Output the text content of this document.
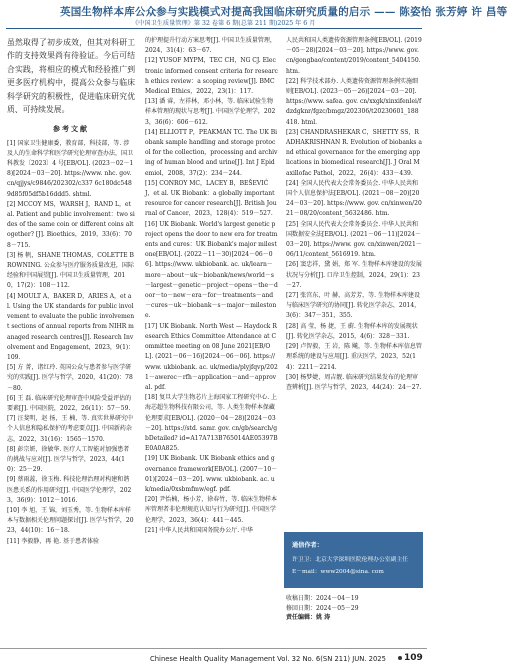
英国生物样本库公众参与实践模式对提高我国临床研究质量的启示 —— 陈姿怡 张芳婷 许 昌等
《中国卫生质量管理》第 32 卷第 6 期(总第 211 期)2025 年 6 月

虽然取得了初步成效，但其对科研工作的支持效果尚有待验证。今后可结合实践，将相应的模式和经验推广到更多医疗机构中，提高公众参与临床科学研究的积极性，促进临床研究优质、可持续发展。

参考文献

[1] 国家卫生健康委，教育部，科技部，等. 涉及人的生命科学和医学研究伦理审查办法，国卫科教发〔2023〕4 号[EB/OL]. (2023－02－18)[2024－03－20]. https://www. nhc. gov. cn/qjjys/c9846/202302/c337 6c180dc5489d85f05df5b16ddd5. shtml.

[2] MCCOY MS，WARSH J，RAND L，et al. Patient and public involvement：two sides of the same coin or different coins altogether? [J]. Bioethics，2019，33(6)：708－715.

[3] 杨 帆，SHANE THOMAS，COLETTE BROWNING. 公众参与医疗服务质量改进，国际经验和中国展望[J]. 中国卫生质量管理，2010，17(2)：108－112.

[4] MOULT A，BAKER D，ARIES A，et al. Using the UK standards for public involvement to evaluate the public involvement sections of annual reports from NIHR managed research centres[J]. Research Involvement and Engagement，2023，9(1)：109.

[5] 方 菁，诸红玲. 英国公众与患者参与医学研究的实践[J]. 医学与哲学，2020，41(20)：78－80.

[6] 王 磊. 临床研究伦理审查中风险受益评估的要素[J]. 中国医院，2022，26(11)：57－59.

[7] 汪斐明，赵 扬，王 楠，等. 真实世界研究中个人信息和隐私保护的考虑要点[J]. 中国新药杂志，2022，31(16)：1565－1570.

[8] 彭宗妍，徐敏华. 医疗人工智能对加强患者的挑战与应对[J]. 医学与哲学，2023，44(10)：25－29.

[9] 蔡雨蕊，徐玉梅. 科技伦理治理对构建和谐医患关系的作用研究[J]. 中国医学伦理学，2023，36(9)：1012－1016.

[10] 李 旭，王 锦，刘玉秀，等. 生物样本库样本与数据相关伦理问题探讨[J]. 医学与哲学，2023，44(10)：16－18.

[11] 李毅静，再 艳. 基于患者体验

的护理提升行动方案思考[J]. 中国卫生质量管理，2024，31(4)：63－67.

[12] YUSOF MYPM，TEC CH，NG CJ. Electronic informed consent criteria for research ethics review：a scoping review[J]. BMC Medical Ethics，2022，23(1)：117.

[13] 潘 睿，左祥林，邓小林，等. 临床试验生物样本管理的现状与思考[J]. 中国医学伦理学，2023，36(6)：606－612.

[14] ELLIOTT P，PEAKMAN TC. The UK Biobank sample handling and storage protocol for the collection，processing and archiving of human blood and urine[J]. Int J Epidemiol，2008，37(2)：234－244.

[15] CONROY MC，LACEY B，BEŠEVIĆ J，et al. UK Biobank：a globally important resource for cancer research[J]. British Journal of Cancer，2023，128(4)：519－527.

[16] UK Biobank. World's largest genetic project opens the door to new era for treatments and cures：UK Biobank's major milestone[EB/OL]. (2022－11－30)[2024－06－06]. https://www. ukbiobank. ac. uk/learn－more－about－uk－biobank/news/world－s－largest－genetic－project－opens－the－door－to－new－era－for－treatments－and－cures－uk－biobank－s－major－milestone.

[17] UK Biobank. North West — Haydock Research Ethics Committee Attendance at Committee meeting on 08 June 2021[EB/OL]. (2021－06－16)[2024－06－06]. https://www. ukbiobank. ac. uk/media/plyjfqvp/2021－awerec－rfh－application－and－approval. pdf.

[18] 复旦大学生物芯片上海国家工程研究中心. 上海芯超生物科技有限公司，等. 人类生物样本保藏伦理要求[EB/OL]. (2020－04－28)[2024－03－20]. https://std. samr. gov. cn/gb/search/gbDetailed? id=A17A713B765014AE05397BE0A0A825.

[19] UK Biobank. UK Biobank ethics and governance framework[EB/OL]. (2007－10－01)[2024－03－20]. www. ukbiobank. ac. uk/media/0xsbmfmw/egf. pdf.

[20] 尹怡楠，杨小芳，徐春竹，等. 临床生物样本库管理者非伦理规范认知与行为研究[J]. 中国医学伦理学，2023，36(4)：441－445.

[21] 中华人民共和国国务院办公厅. 中华

人民共和国人类遗传资源管理条例[EB/OL]. (2019－05－28)[2024－03－20]. https://www. gov. cn/gongbao/content/2019/content_5404150. htm.

[22] 科学技术部办. 人类遗传资源管理条例实施细则[EB/OL]. (2023－05－26)[2024－03－20]. https://www. safea. gov. cn/xxgk/xinxifenlei/fdzdgknr/fgzc/bmgz/202306/t20230601_188418. html.

[23] CHANDRASHEKAR C，SHETTY SS，RADHAKRISHNAN R. Evolution of biobanks and ethical governance for the emerging applications in biomedical research[J]. J Oral Maxillofac Pathol，2022，26(4)：433－439.

[24] 全国人民代表大会常务委员会. 中华人民共和国个人信息保护法[EB/OL]. (2021－08－20)[2024－03－20]. https://www. gov. cn/xinwen/2021－08/20/content_5632486. htm.

[25] 全国人民代表大会常务委员会. 中华人民共和国数据安全法[EB/OL]. (2021－06－11)[2024－03－20]. https://www. gov. cn/xinwen/2021－06/11/content_5616919. htm.

[26] 窦忠祥，黛 娟，郑 军. 生物样本库建设的发展状况与分析[J]. 口岸卫生控制，2024，29(1)：23－27.

[27] 张宫东，叶 赫，高芳芳，等. 生物样本库建设与临床医学研究的协同[J]. 转化医学杂志，2014，3(6)：347－351，355.

[28] 高 莹，杨 捷，王 蔚. 生物样本库的发展现状[J]. 转化医学杂志，2015，4(6)：328－331.

[29] 卢智毅，王 岩，陈 飚，等. 生物样本库信息管理系统的建设与应用[J]. 重庆医学，2023，52(14)：2211－2214.

[30] 杨梦婕，周吉靓. 临床研究结果发布的伦理审查辨析[J]. 医学与哲学，2023，44(24)：24－27.

通信作者：
许卫卫：北京大学深圳医院伦理办公室副主任
E－mail：www2004@sina. com
收稿日期：2024－04－19
修回日期：2024－05－29
责任编辑：姚 涛
Chinese Health Quality Management Vol. 32 No. 6(SN 211) JUN. 2025	109
